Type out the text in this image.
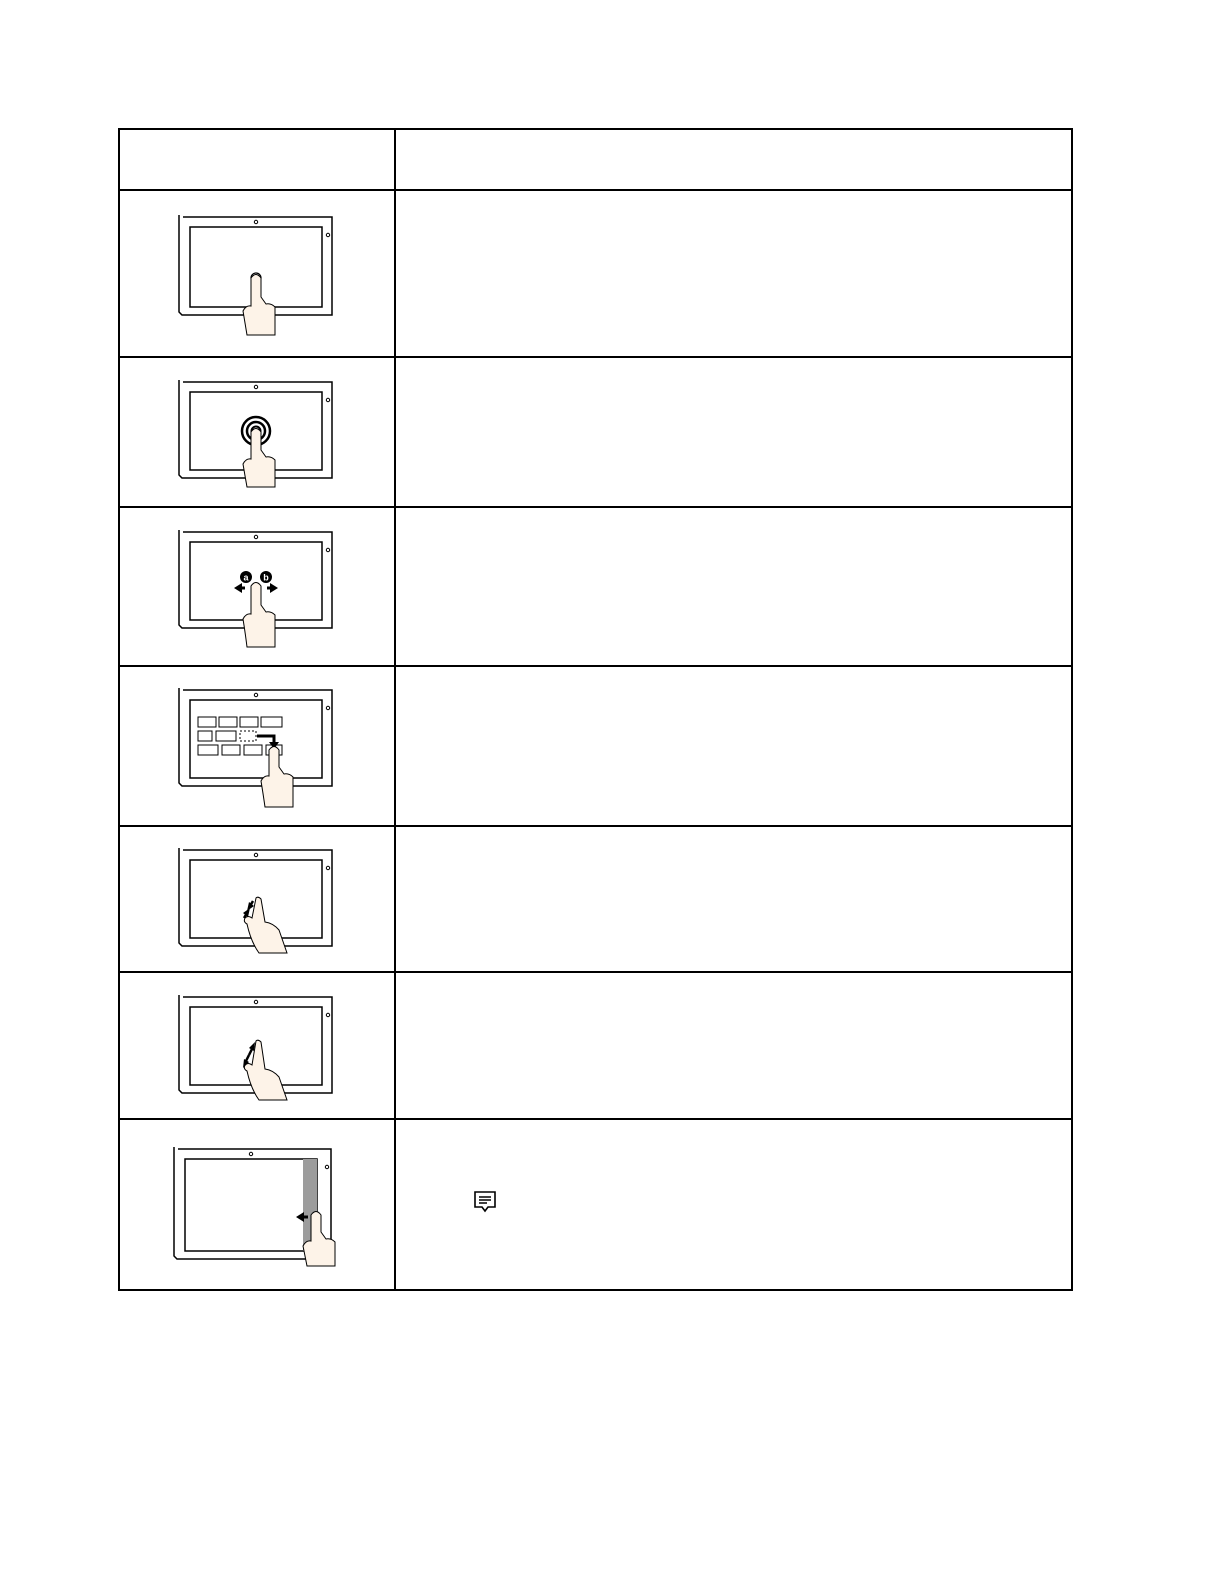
a b	
